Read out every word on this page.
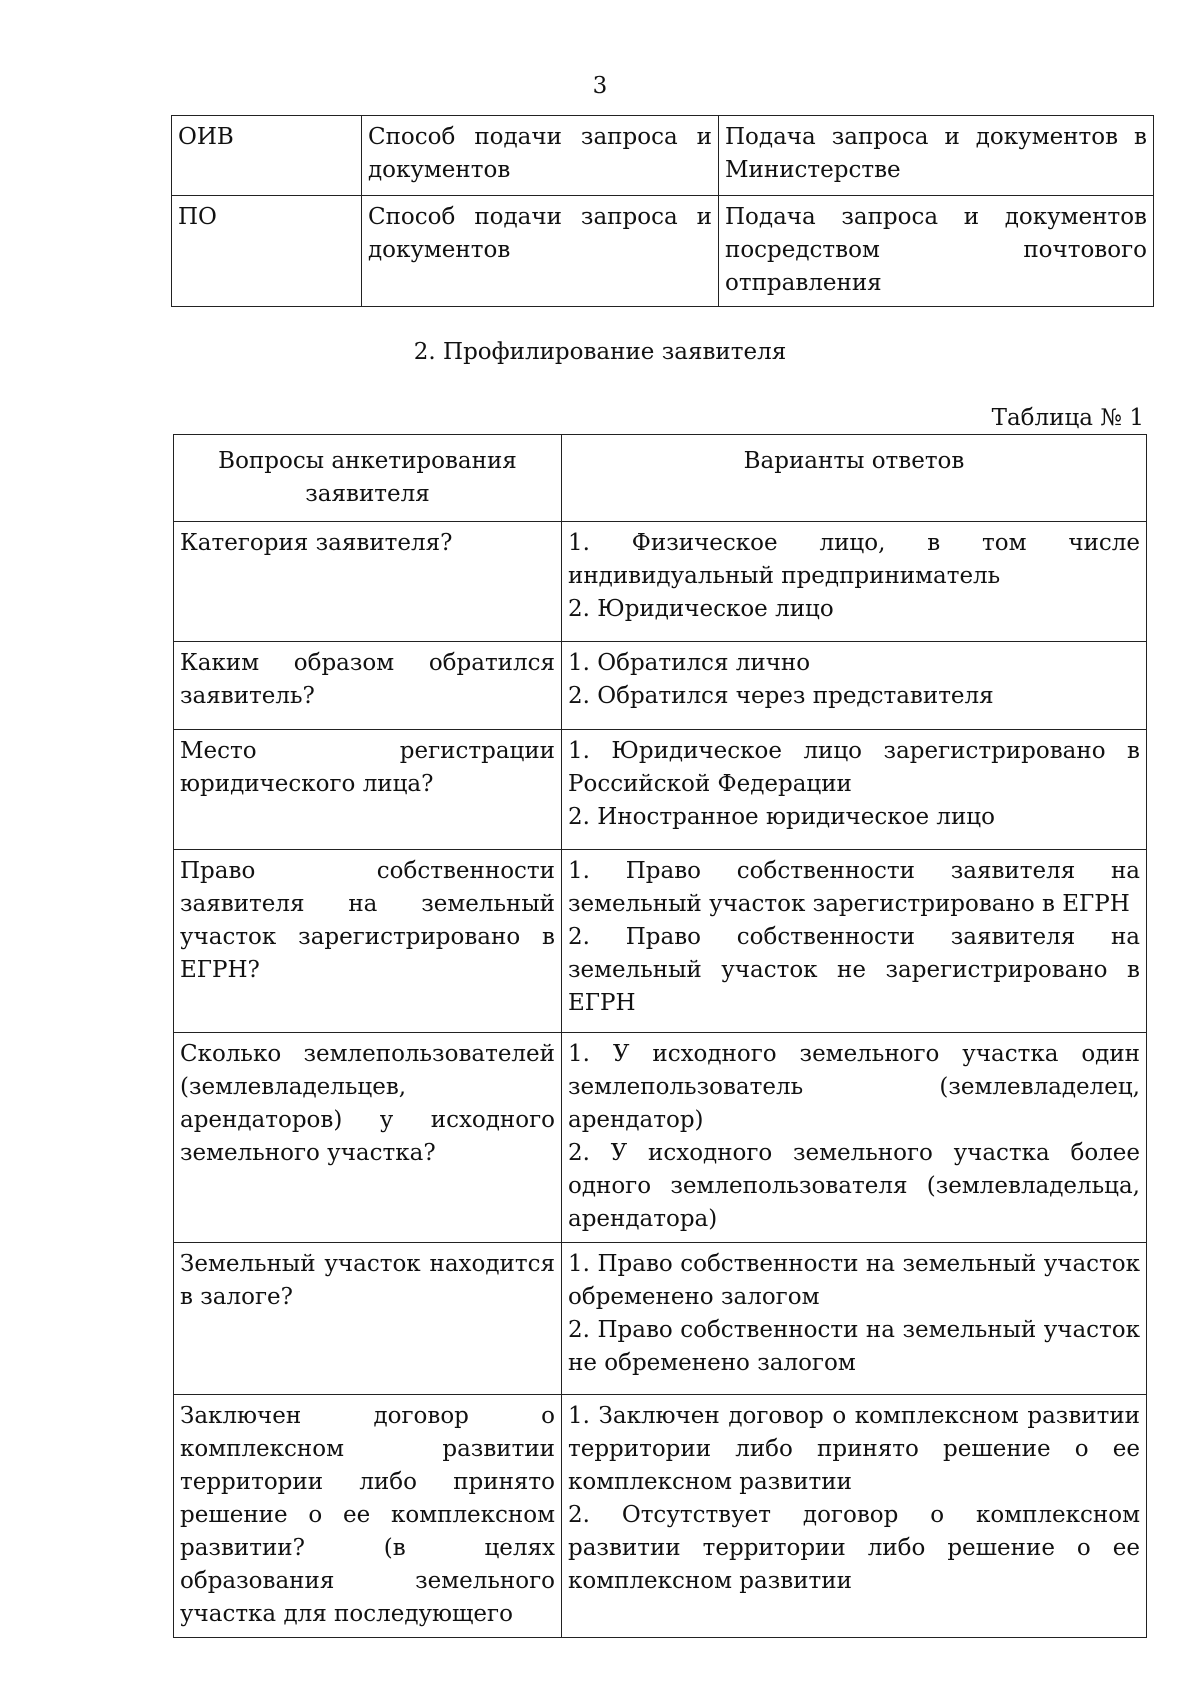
3
ОИВ	Способ подачи запроса и документов	Подача запроса и документов в Министерстве
ПО	Способ подачи запроса и документов	Подача запроса и документов посредством почтового отправления
2. Профилирование заявителя
Таблица № 1
Вопросы анкетирования заявителя	Варианты ответов
Категория заявителя?	1. Физическое лицо, в том числе индивидуальный предприниматель
2. Юридическое лицо

Каким образом обратился заявитель?	1. Обратился лично
2. Обратился через представителя

Место регистрации юридического лица?	1. Юридическое лицо зарегистрировано в Российской Федерации
2. Иностранное юридическое лицо

Право собственности заявителя на земельный участок зарегистрировано в ЕГРН?	1. Право собственности заявителя на земельный участок зарегистрировано в ЕГРН
2. Право собственности заявителя на земельный участок не зарегистрировано в ЕГРН

Сколько землепользователей (землевладельцев, арендаторов) у исходного земельного участка?	1. У исходного земельного участка один землепользователь (землевладелец, арендатор)
2. У исходного земельного участка более одного землепользователя (землевладельца, арендатора)

Земельный участок находится в залоге?	1. Право собственности на земельный участок обременено залогом
2. Право собственности на земельный участок не обременено залогом

Заключен договор о комплексном развитии территории либо принято решение о ее комплексном развитии? (в целях образования земельного участка для последующего	1. Заключен договор о комплексном развитии территории либо принято решение о ее комплексном развитии
2. Отсутствует договор о комплексном развитии территории либо решение о ее комплексном развитии
